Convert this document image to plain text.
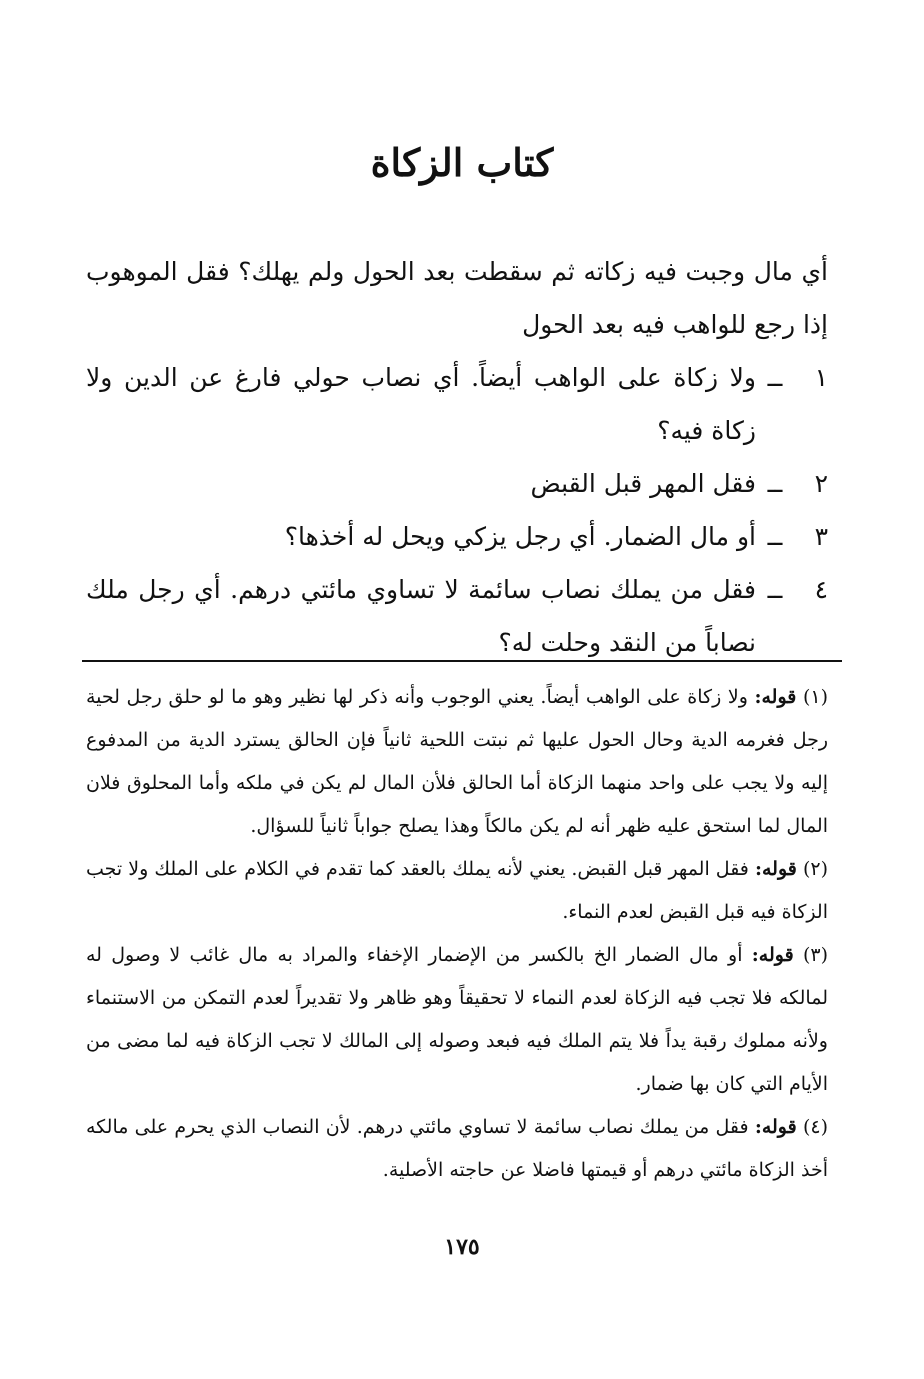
كتاب الزكاة

أي مال وجبت فيه زكاته ثم سقطت بعد الحول ولم يهلك؟ فقل الموهوب إذا رجع للواهب فيه بعد الحول

١
ــ
ولا زكاة على الواهب أيضاً. أي نصاب حولي فارغ عن الدين ولا زكاة فيه؟
٢
ــ
فقل المهر قبل القبض
٣
ــ
أو مال الضمار. أي رجل يزكي ويحل له أخذها؟
٤
ــ
فقل من يملك نصاب سائمة لا تساوي مائتي درهم. أي رجل ملك نصاباً من النقد وحلت له؟

(١) قوله: ولا زكاة على الواهب أيضاً. يعني الوجوب وأنه ذكر لها نظير وهو ما لو حلق رجل لحية رجل فغرمه الدية وحال الحول عليها ثم نبتت اللحية ثانياً فإن الحالق يسترد الدية من المدفوع إليه ولا يجب على واحد منهما الزكاة أما الحالق فلأن المال لم يكن في ملكه وأما المحلوق فلان المال لما استحق عليه ظهر أنه لم يكن مالكاً وهذا يصلح جواباً ثانياً للسؤال.

(٢) قوله: فقل المهر قبل القبض. يعني لأنه يملك بالعقد كما تقدم في الكلام على الملك ولا تجب الزكاة فيه قبل القبض لعدم النماء.

(٣) قوله: أو مال الضمار الخ بالكسر من الإضمار الإخفاء والمراد به مال غائب لا وصول له لمالكه فلا تجب فيه الزكاة لعدم النماء لا تحقيقاً وهو ظاهر ولا تقديراً لعدم التمكن من الاستنماء ولأنه مملوك رقبة يداً فلا يتم الملك فيه فبعد وصوله إلى المالك لا تجب الزكاة فيه لما مضى من الأيام التي كان بها ضمار.

(٤) قوله: فقل من يملك نصاب سائمة لا تساوي مائتي درهم. لأن النصاب الذي يحرم على مالكه أخذ الزكاة مائتي درهم أو قيمتها فاضلا عن حاجته الأصلية.

١٧٥
